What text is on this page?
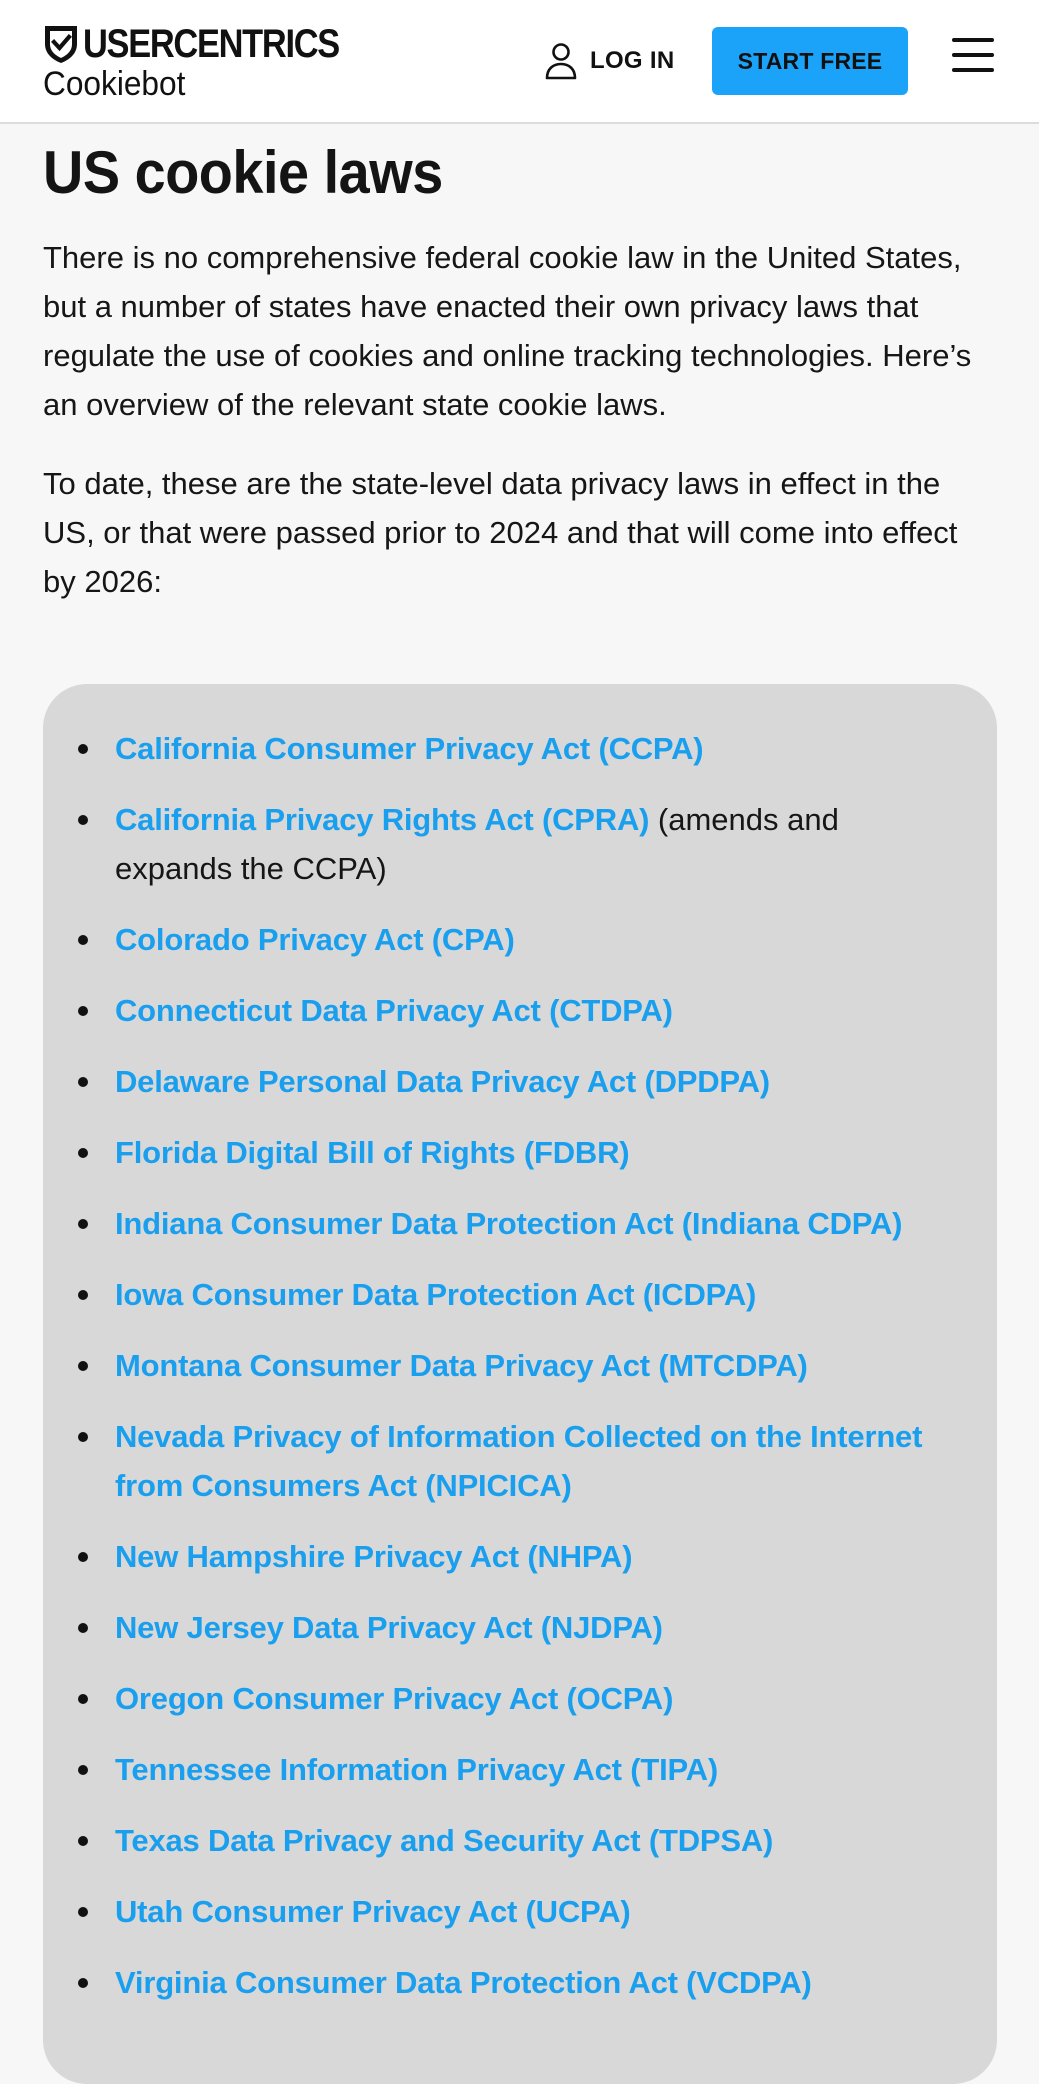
USERCENTRICS
Cookiebot
LOG IN	START FREE
US cookie laws

There is no comprehensive federal cookie law in the United States, but a number of states have enacted their own privacy laws that regulate the use of cookies and online tracking technologies. Here’s an overview of the relevant state cookie laws.

To date, these are the state-level data privacy laws in effect in the US, or that were passed prior to 2024 and that will come into effect by 2026:

California Consumer Privacy Act (CCPA)
California Privacy Rights Act (CPRA) (amends and expands the CCPA)
Colorado Privacy Act (CPA)
Connecticut Data Privacy Act (CTDPA)
Delaware Personal Data Privacy Act (DPDPA)
Florida Digital Bill of Rights (FDBR)
Indiana Consumer Data Protection Act (Indiana CDPA)
Iowa Consumer Data Protection Act (ICDPA)
Montana Consumer Data Privacy Act (MTCDPA)
Nevada Privacy of Information Collected on the Internet from Consumers Act (NPICICA)
New Hampshire Privacy Act (NHPA)
New Jersey Data Privacy Act (NJDPA)
Oregon Consumer Privacy Act (OCPA)
Tennessee Information Privacy Act (TIPA)
Texas Data Privacy and Security Act (TDPSA)
Utah Consumer Privacy Act (UCPA)
Virginia Consumer Data Protection Act (VCDPA)
